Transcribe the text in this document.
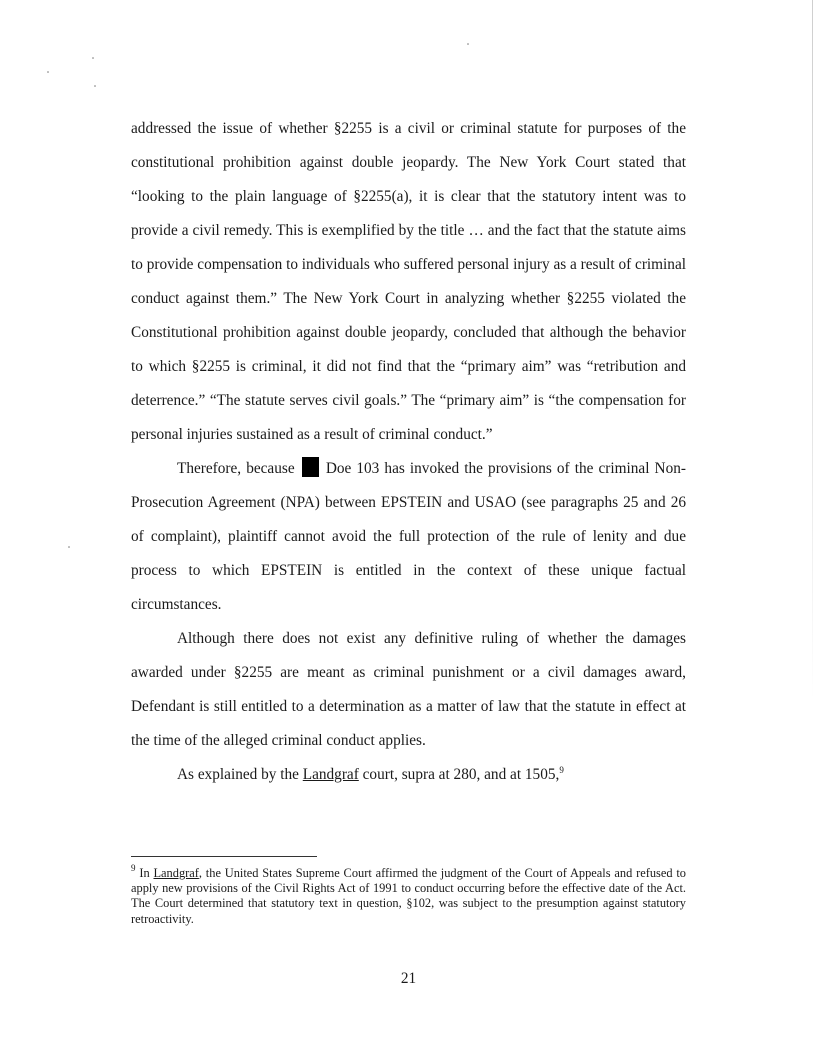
addressed the issue of whether §2255 is a civil or criminal statute for purposes of the constitutional prohibition against double jeopardy. The New York Court stated that “looking to the plain language of §2255(a), it is clear that the statutory intent was to provide a civil remedy. This is exemplified by the title … and the fact that the statute aims to provide compensation to individuals who suffered personal injury as a result of criminal conduct against them.” The New York Court in analyzing whether §2255 violated the Constitutional prohibition against double jeopardy, concluded that although the behavior to which §2255 is criminal, it did not find that the “primary aim” was “retribution and deterrence.” “The statute serves civil goals.” The “primary aim” is “the compensation for personal injuries sustained as a result of criminal conduct.”

Therefore, because Doe 103 has invoked the provisions of the criminal Non-Prosecution Agreement (NPA) between EPSTEIN and USAO (see paragraphs 25 and 26 of complaint), plaintiff cannot avoid the full protection of the rule of lenity and due process to which EPSTEIN is entitled in the context of these unique factual circumstances.

Although there does not exist any definitive ruling of whether the damages awarded under §2255 are meant as criminal punishment or a civil damages award, Defendant is still entitled to a determination as a matter of law that the statute in effect at the time of the alleged criminal conduct applies.

As explained by the Landgraf court, supra at 280, and at 1505,$^9$

$^9$ In Landgraf, the United States Supreme Court affirmed the judgment of the Court of Appeals and refused to apply new provisions of the Civil Rights Act of 1991 to conduct occurring before the effective date of the Act. The Court determined that statutory text in question, §102, was subject to the presumption against statutory retroactivity.

21
